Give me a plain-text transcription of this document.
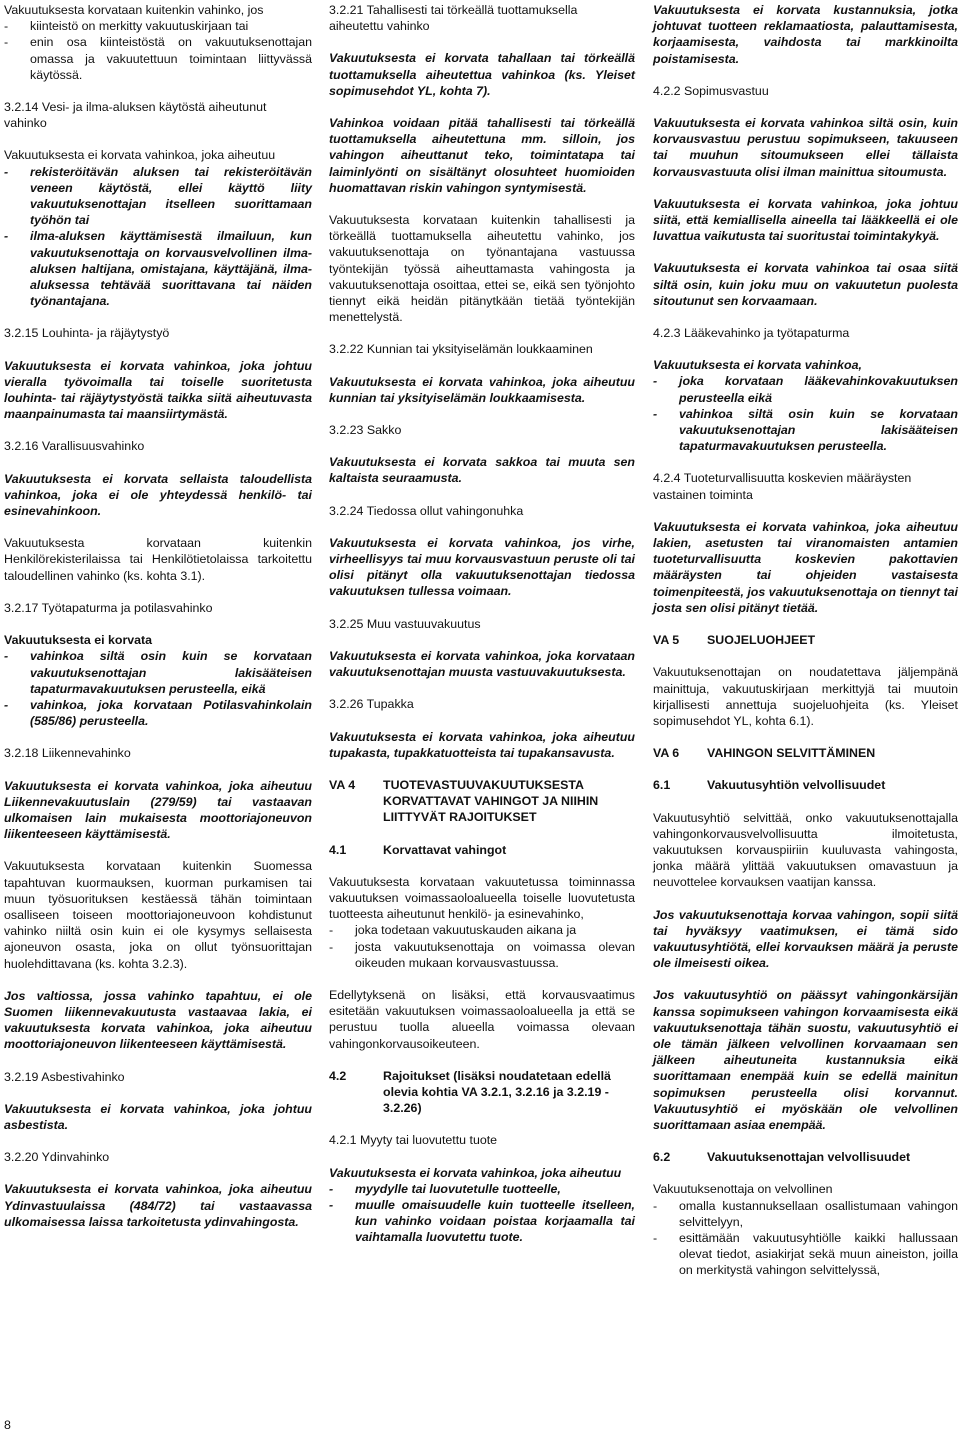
Vakuutuksesta korvataan kuitenkin vahinko, jos
- kiinteistö on merkitty vakuutuskirjaan tai
- enin osa kiinteistöstä on vakuutuksenottajan omassa ja vakuutettuun toimintaan liittyvässä käytössä.

3.2.14 Vesi- ja ilma-aluksen käytöstä aiheutunut vahinko

Vakuutuksesta ei korvata vahinkoa, joka aiheutuu
- rekisteröitävän aluksen tai rekisteröitävän veneen käytöstä, ellei käyttö liity vakuutuksenottajan itselleen suorittamaan työhön tai
- ilma-aluksen käyttämisestä ilmailuun, kun vakuutuksenottaja on korvausvelvollinen ilma-aluksen haltijana, omistajana, käyttäjänä, ilma-aluksessa tehtävää suorittavana tai näiden työnantajana.

3.2.15 Louhinta- ja räjäytystyö

Vakuutuksesta ei korvata vahinkoa, joka johtuu vieralla työvoimalla tai toiselle suoritetusta louhinta- tai räjäytystyöstä taikka siitä aiheutuvasta maanpainumasta tai maansiirtymästä.

3.2.16 Varallisuusvahinko

Vakuutuksesta ei korvata sellaista taloudellista vahinkoa, joka ei ole yhteydessä henkilö- tai esinevahinkoon.

Vakuutuksesta korvataan kuitenkin Henkilörekisterilaissa tai Henkilötietolaissa tarkoitettu taloudellinen vahinko (ks. kohta 3.1).

3.2.17 Työtapaturma ja potilasvahinko

Vakuutuksesta ei korvata
- vahinkoa siltä osin kuin se korvataan vakuutuksenottajan lakisääteisen tapaturmavakuutuksen perusteella, eikä
- vahinkoa, joka korvataan Potilasvahinkolain (585/86) perusteella.

3.2.18 Liikennevahinko

Vakuutuksesta ei korvata vahinkoa, joka aiheutuu Liikennevakuutuslain (279/59) tai vastaavan ulkomaisen lain mukaisesta moottoriajoneuvon liikenteeseen käyttämisestä.

Vakuutuksesta korvataan kuitenkin Suomessa tapahtuvan kuormauksen, kuorman purkamisen tai muun työsuorituksen kestäessä tähän toimintaan osalliseen toiseen moottoriajoneuvoon kohdistunut vahinko niiltä osin kuin ei ole kysymys sellaisesta ajoneuvon osasta, joka on ollut työnsuorittajan huolehdittavana (ks. kohta 3.2.3).

Jos valtiossa, jossa vahinko tapahtuu, ei ole Suomen liikennevakuutusta vastaavaa lakia, ei vakuutuksesta korvata vahinkoa, joka aiheutuu moottoriajoneuvon liikenteeseen käyttämisestä.

3.2.19 Asbestivahinko

Vakuutuksesta ei korvata vahinkoa, joka johtuu asbestista.

3.2.20 Ydinvahinko

Vakuutuksesta ei korvata vahinkoa, joka aiheutuu Ydinvastuulaissa (484/72) tai vastaavassa ulkomaisessa laissa tarkoitetusta ydinvahingosta.

3.2.21 Tahallisesti tai törkeällä tuottamuksella aiheutettu vahinko

Vakuutuksesta ei korvata tahallaan tai törkeällä tuottamuksella aiheutettua vahinkoa (ks. Yleiset sopimusehdot YL, kohta 7).

Vahinkoa voidaan pitää tahallisesti tai törkeällä tuottamuksella aiheutettuna mm. silloin, jos vahingon aiheuttanut teko, toimintatapa tai laiminlyönti on sisältänyt olosuhteet huomioiden huomattavan riskin vahingon syntymisestä.

Vakuutuksesta korvataan kuitenkin tahallisesti ja törkeällä tuottamuksella aiheutettu vahinko, jos vakuutuksenottaja on työnantajana vastuussa työntekijän työssä aiheuttamasta vahingosta ja vakuutuksenottaja osoittaa, ettei se, eikä sen työnjohto tiennyt eikä heidän pitänytkään tietää työntekijän menettelystä.

3.2.22 Kunnian tai yksityiselämän loukkaaminen

Vakuutuksesta ei korvata vahinkoa, joka aiheutuu kunnian tai yksityiselämän loukkaamisesta.

3.2.23 Sakko

Vakuutuksesta ei korvata sakkoa tai muuta sen kaltaista seuraamusta.

3.2.24 Tiedossa ollut vahingonuhka

Vakuutuksesta ei korvata vahinkoa, jos virhe, virheellisyys tai muu korvausvastuun peruste oli tai olisi pitänyt olla vakuutuksenottajan tiedossa vakuutuksen tullessa voimaan.

3.2.25 Muu vastuuvakuutus

Vakuutuksesta ei korvata vahinkoa, joka korvataan vakuutuksenottajan muusta vastuuvakuutuksesta.

3.2.26 Tupakka

Vakuutuksesta ei korvata vahinkoa, joka aiheutuu tupakasta, tupakkatuotteista tai tupakansavusta.

VA 4	TUOTEVASTUUVAKUUTUKSESTA KORVATTAVAT VAHINGOT JA NIIHIN LIITTYVÄT RAJOITUKSET
4.1	Korvattavat vahingot
Vakuutuksesta korvataan vakuutetussa toiminnassa vakuutuksen voimassaoloalueella toiselle luovutetusta tuotteesta aiheutunut henkilö- ja esinevahinko,
- joka todetaan vakuutuskauden aikana ja
- josta vakuutuksenottaja on voimassa olevan oikeuden mukaan korvausvastuussa.

Edellytyksenä on lisäksi, että korvausvaatimus esitetään vakuutuksen voimassaoloalueella ja että se perustuu tuolla alueella voimassa olevaan vahingonkorvausoikeuteen.

4.2	Rajoitukset (lisäksi noudatetaan edellä olevia kohtia VA 3.2.1, 3.2.16 ja 3.2.19 - 3.2.26)

4.2.1 Myyty tai luovutettu tuote

Vakuutuksesta ei korvata vahinkoa, joka aiheutuu
- myydylle tai luovutetulle tuotteelle,
- muulle omaisuudelle kuin tuotteelle itselleen, kun vahinko voidaan poistaa korjaamalla tai vaihtamalla luovutettu tuote.

Vakuutuksesta ei korvata kustannuksia, jotka johtuvat tuotteen reklamaatiosta, palauttamisesta, korjaamisesta, vaihdosta tai markkinoilta poistamisesta.

4.2.2 Sopimusvastuu

Vakuutuksesta ei korvata vahinkoa siltä osin, kuin korvausvastuu perustuu sopimukseen, takuuseen tai muuhun sitoumukseen ellei tällaista korvausvastuuta olisi ilman mainittua sitoumusta.

Vakuutuksesta ei korvata vahinkoa, joka johtuu siitä, että kemiallisella aineella tai lääkkeellä ei ole luvattua vaikutusta tai suoritustai toimintakykyä.

Vakuutuksesta ei korvata vahinkoa tai osaa siitä siltä osin, kuin joku muu on vakuutetun puolesta sitoutunut sen korvaamaan.

4.2.3 Lääkevahinko ja työtapaturma

Vakuutuksesta ei korvata vahinkoa,
- joka korvataan lääkevahinkovakuutuksen perusteella eikä
- vahinkoa siltä osin kuin se korvataan vakuutuksenottajan lakisääteisen tapaturmavakuutuksen perusteella.

4.2.4 Tuoteturvallisuutta koskevien määräysten vastainen toiminta

Vakuutuksesta ei korvata vahinkoa, joka aiheutuu lakien, asetusten tai viranomaisten antamien tuoteturvallisuutta koskevien pakottavien määräysten tai ohjeiden vastaisesta toimenpiteestä, jos vakuutuksenottaja on tiennyt tai josta sen olisi pitänyt tietää.

VA 5	SUOJELUOHJEET

Vakuutuksenottajan on noudatettava jäljempänä mainittuja, vakuutuskirjaan merkittyjä tai muutoin kirjallisesti annettuja suojeluohjeita (ks. Yleiset sopimusehdot YL, kohta 6.1).

VA 6	VAHINGON SELVITTÄMINEN
6.1	Vakuutusyhtiön velvollisuudet

Vakuutusyhtiö selvittää, onko vakuutuksenottajalla vahingonkorvausvelvollisuutta ilmoitetusta, vakuutuksen korvauspiiriin kuuluvasta vahingosta, jonka määrä ylittää vakuutuksen omavastuun ja neuvottelee korvauksen vaatijan kanssa.

Jos vakuutuksenottaja korvaa vahingon, sopii siitä tai hyväksyy vaatimuksen, ei tämä sido vakuutusyhtiötä, ellei korvauksen määrä ja peruste ole ilmeisesti oikea.

Jos vakuutusyhtiö on päässyt vahingonkärsijän kanssa sopimukseen vahingon korvaamisesta eikä vakuutuksenottaja tähän suostu, vakuutusyhtiö ei ole tämän jälkeen velvollinen korvaamaan sen jälkeen aiheutuneita kustannuksia eikä suorittamaan enempää kuin se edellä mainitun sopimuksen perusteella olisi korvannut. Vakuutusyhtiö ei myöskään ole velvollinen suorittamaan asiaa enempää.

6.2	Vakuutuksenottajan velvollisuudet
Vakuutuksenottaja on velvollinen
- omalla kustannuksellaan osallistumaan vahingon selvittelyyn,
- esittämään vakuutusyhtiölle kaikki hallussaan olevat tiedot, asiakirjat sekä muun aineiston, joilla on merkitystä vahingon selvittelyssä,
8
